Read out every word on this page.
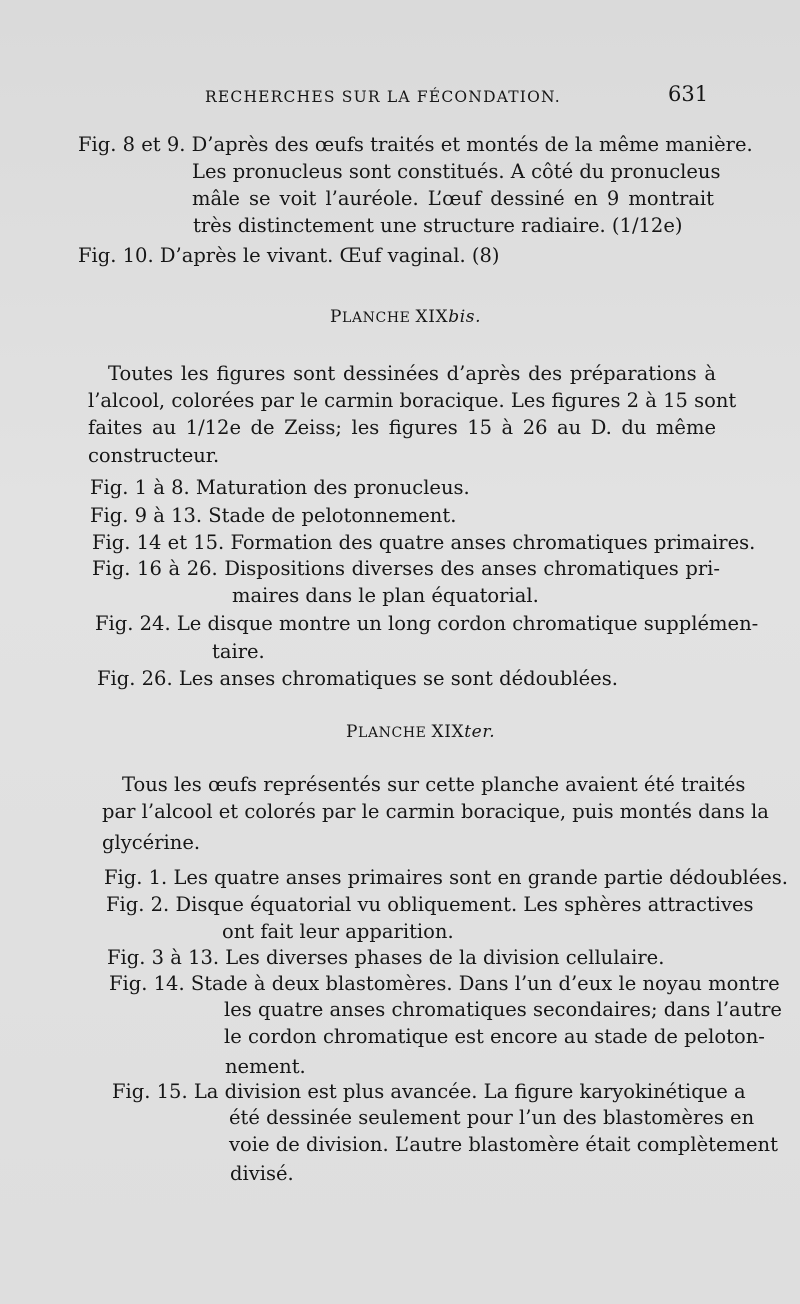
RECHERCHES SUR LA FÉCONDATION.	631
Fig. 8 et 9. D’après des œufs traités et montés de la même manière.
Les pronucleus sont constitués. A côté du pronucleus
mâle se voit l’auréole. L’œuf dessiné en 9 montrait
très distinctement une structure radiaire. (1/12e)
Fig. 10. D’après le vivant. Œuf vaginal. (8)
PLANCHE XIXbis.
Toutes les figures sont dessinées d’après des préparations à
l’alcool, colorées par le carmin boracique. Les figures 2 à 15 sont
faites au 1/12e de Zeiss; les figures 15 à 26 au D. du même
constructeur.
Fig. 1 à 8. Maturation des pronucleus.
Fig. 9 à 13. Stade de pelotonnement.
Fig. 14 et 15. Formation des quatre anses chromatiques primaires.
Fig. 16 à 26. Dispositions diverses des anses chromatiques pri-
maires dans le plan équatorial.
Fig. 24. Le disque montre un long cordon chromatique supplémen-
taire.
Fig. 26. Les anses chromatiques se sont dédoublées.
PLANCHE XIXter.
Tous les œufs représentés sur cette planche avaient été traités
par l’alcool et colorés par le carmin boracique, puis montés dans la
glycérine.
Fig. 1. Les quatre anses primaires sont en grande partie dédoublées.
Fig. 2. Disque équatorial vu obliquement. Les sphères attractives
ont fait leur apparition.
Fig. 3 à 13. Les diverses phases de la division cellulaire.
Fig. 14. Stade à deux blastomères. Dans l’un d’eux le noyau montre
les quatre anses chromatiques secondaires; dans l’autre
le cordon chromatique est encore au stade de peloton-
nement.
Fig. 15. La division est plus avancée. La figure karyokinétique a
été dessinée seulement pour l’un des blastomères en
voie de division. L’autre blastomère était complètement
divisé.
